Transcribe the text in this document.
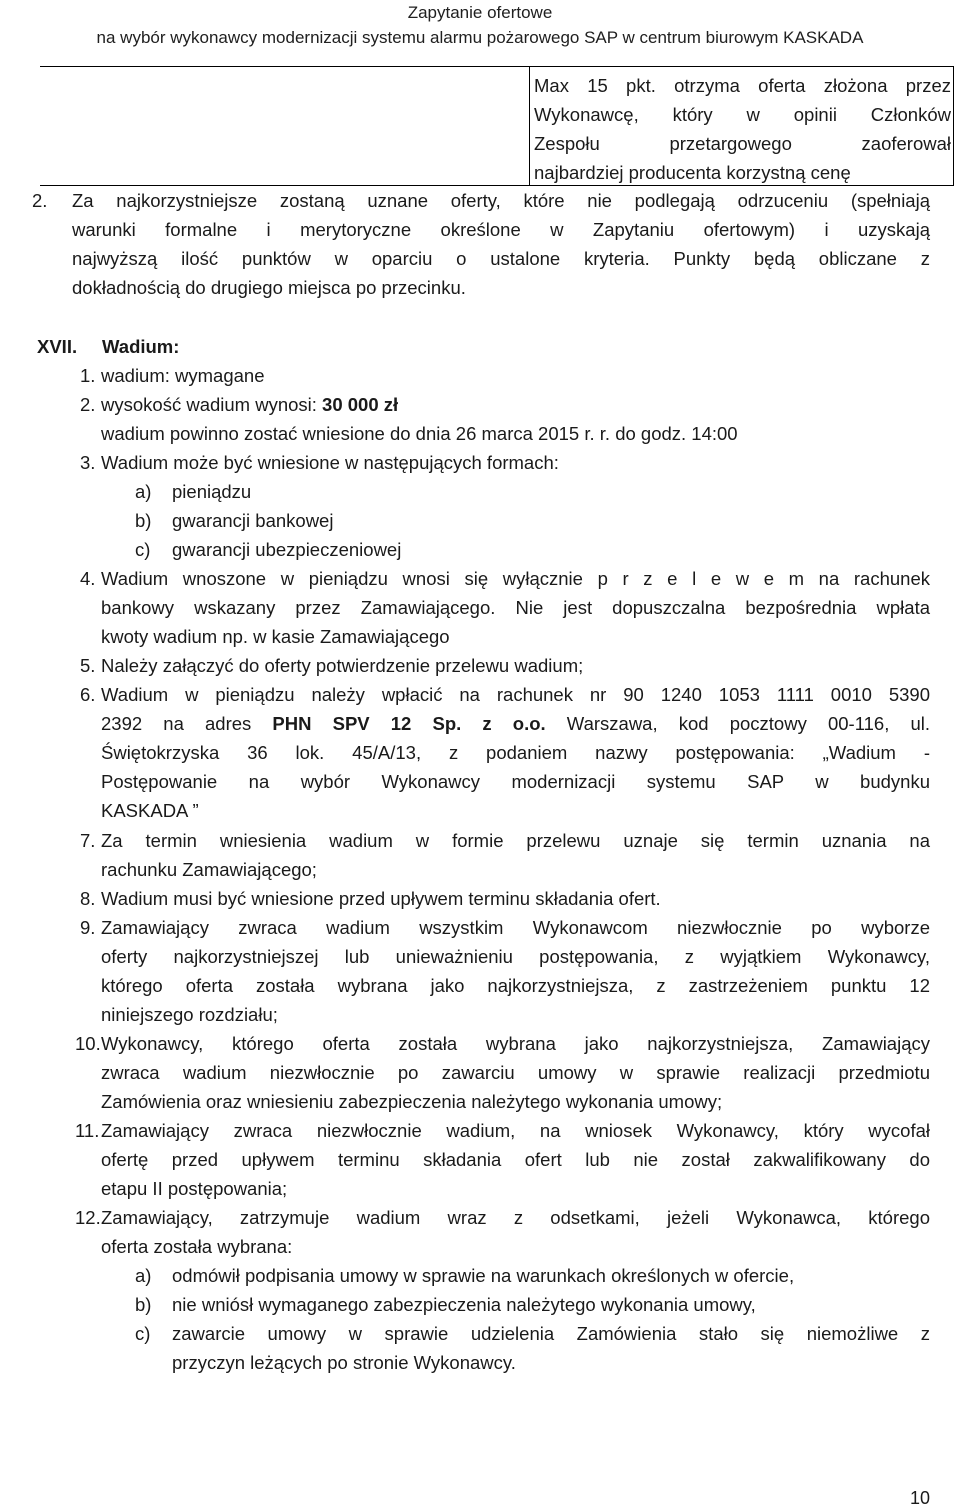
Zapytanie ofertowe
na wybór wykonawcy modernizacji systemu alarmu pożarowego SAP w centrum biurowym KASKADA
Max 15 pkt. otrzyma oferta złożona przez
Wykonawcę, który w opinii Członków
Zespołu przetargowego zaoferował
najbardziej producenta korzystną cenę
2. Za najkorzystniejsze zostaną uznane oferty, które nie podlegają odrzuceniu (spełniają
warunki formalne i merytoryczne określone w Zapytaniu ofertowym) i uzyskają
najwyższą ilość punktów w oparciu o ustalone kryteria. Punkty będą obliczane z
dokładnością do drugiego miejsca po przecinku.
XVII. Wadium:
1. wadium: wymagane
2. wysokość wadium wynosi: 30 000 zł
wadium powinno zostać wniesione do dnia 26 marca 2015 r. r. do godz. 14:00
3. Wadium może być wniesione w następujących formach:
a) pieniądzu
b) gwarancji bankowej
c) gwarancji ubezpieczeniowej
4. Wadium wnoszone w pieniądzu wnosi się wyłącznie p r z e l e w e m na rachunek
bankowy wskazany przez Zamawiającego. Nie jest dopuszczalna bezpośrednia wpłata
kwoty wadium np. w kasie Zamawiającego
5. Należy załączyć do oferty potwierdzenie przelewu wadium;
6. Wadium w pieniądzu należy wpłacić na rachunek nr 90 1240 1053 1111 0010 5390
2392 na adres PHN SPV 12 Sp. z o.o. Warszawa, kod pocztowy 00-116, ul.
Świętokrzyska 36 lok. 45/A/13, z podaniem nazwy postępowania: „Wadium -
Postępowanie na wybór Wykonawcy modernizacji systemu SAP w budynku
KASKADA ”
7. Za termin wniesienia wadium w formie przelewu uznaje się termin uznania na
rachunku Zamawiającego;
8. Wadium musi być wniesione przed upływem terminu składania ofert.
9. Zamawiający zwraca wadium wszystkim Wykonawcom niezwłocznie po wyborze
oferty najkorzystniejszej lub unieważnieniu postępowania, z wyjątkiem Wykonawcy,
którego oferta została wybrana jako najkorzystniejsza, z zastrzeżeniem punktu 12
niniejszego rozdziału;
10. Wykonawcy, którego oferta została wybrana jako najkorzystniejsza, Zamawiający
zwraca wadium niezwłocznie po zawarciu umowy w sprawie realizacji przedmiotu
Zamówienia oraz wniesieniu zabezpieczenia należytego wykonania umowy;
11. Zamawiający zwraca niezwłocznie wadium, na wniosek Wykonawcy, który wycofał
ofertę przed upływem terminu składania ofert lub nie został zakwalifikowany do
etapu II postępowania;
12. Zamawiający, zatrzymuje wadium wraz z odsetkami, jeżeli Wykonawca, którego
oferta została wybrana:
a) odmówił podpisania umowy w sprawie na warunkach określonych w ofercie,
b) nie wniósł wymaganego zabezpieczenia należytego wykonania umowy,
c) zawarcie umowy w sprawie udzielenia Zamówienia stało się niemożliwe z
przyczyn leżących po stronie Wykonawcy.
10
